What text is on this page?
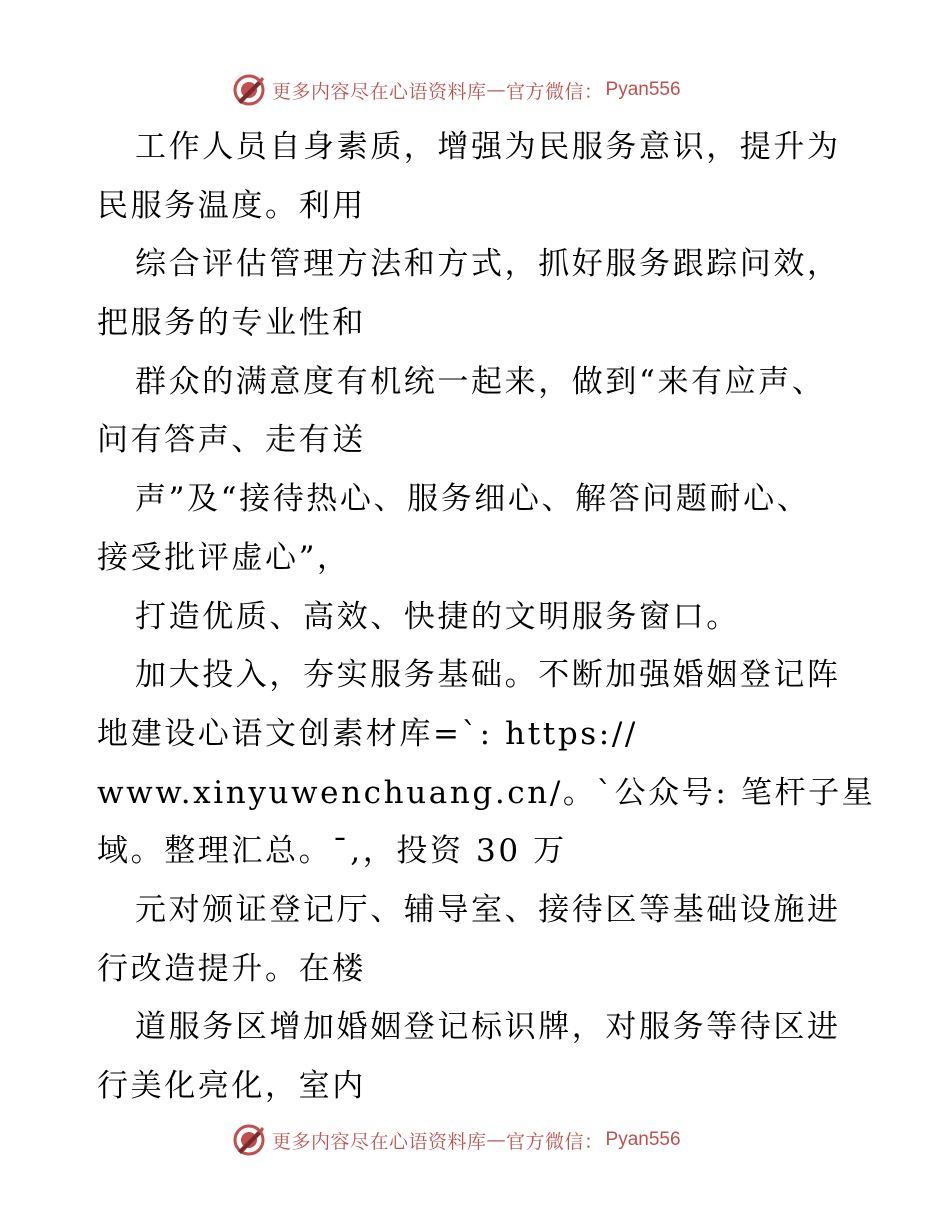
更多内容尽在心语资料库 — 官方微信： Pyan556
工作人员自身素质，增强为民服务意识，提升为
民服务温度。利用
综合评估管理方法和方式，抓好服务跟踪问效，
把服务的专业性和
群众的满意度有机统一起来，做到“来有应声、
问有答声、走有送
声”及“接待热心、服务细心、解答问题耐心、
接受批评虚心”，
打造优质、高效、快捷的文明服务窗口。
加大投入，夯实服务基础。不断加强婚姻登记阵
地建设心语文创素材库=`: https://
www.xinyuwenchuang.cn/。`公众号: 笔杆子星
域。整理汇总。¯,，投资 30 万
元对颁证登记厅、辅导室、接待区等基础设施进
行改造提升。在楼
道服务区增加婚姻登记标识牌，对服务等待区进
行美化亮化，室内
更多内容尽在心语资料库 — 官方微信： Pyan556
